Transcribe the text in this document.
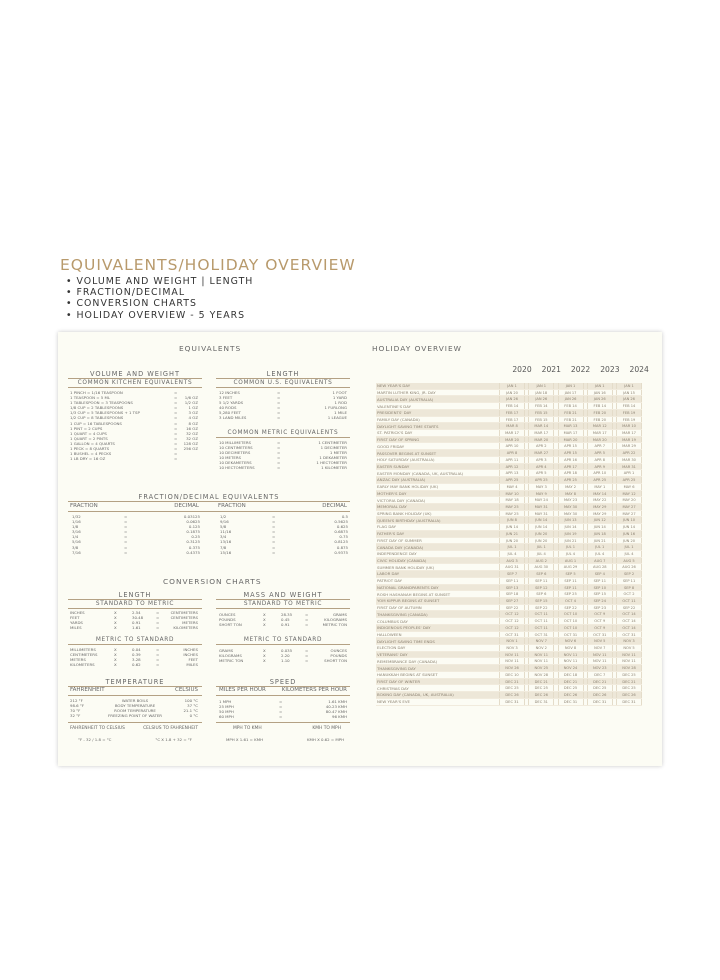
EQUIVALENTS/HOLIDAY OVERVIEW
• VOLUME AND WEIGHT | LENGTH
• FRACTION/DECIMAL
• CONVERSION CHARTS
• HOLIDAY OVERVIEW - 5 YEARS
EQUIVALENTS
VOLUME AND WEIGHT
COMMON KITCHEN EQUIVALENTS
1 PINCH = 1/16 TEASPOON	=
1 TEASPOON = 5 ML	= 1/6 OZ
1 TABLESPOON = 3 TEASPOONS	= 1/2 OZ
1/8 CUP = 2 TABLESPOONS	=	1 OZ
1/3 CUP = 5 TABLESPOONS + 1 TSP	=	3 OZ
1/2 CUP = 8 TABLESPOONS	=	4 OZ
1 CUP = 16 TABLESPOONS	=	8 OZ
1 PINT = 2 CUPS	= 16 OZ
1 QUART = 4 CUPS	= 32 OZ
1 QUART = 2 PINTS	= 32 OZ
1 GALLON = 4 QUARTS	= 128 OZ
1 PECK = 8 QUARTS	= 256 OZ
1 BUSHEL = 4 PECKS	=
1 LB DRY = 16 OZ	=
LENGTH
COMMON U.S. EQUIVALENTS
12 INCHES	=	1 FOOT
3 FEET	=	1 YARD
5 1/2 YARDS	=	1 ROD
40 RODS	=	1 FURLONG
5,280 FEET	=	1 MILE
3 LAND MILES	=	1 LEAGUE
COMMON METRIC EQUIVALENTS
10 MILLIMETERS	=	1 CENTIMETER
10 CENTIMETERS	=	1 DECIMETER
10 DECIMETERS	=	1 METER
10 METERS	=	1 DEKAMETER
10 DEKAMETERS	=	1 HECTOMETER
10 HECTOMETERS	=	1 KILOMETER
FRACTION/DECIMAL EQUIVALENTS
FRACTION	DECIMAL	FRACTION	DECIMAL
1/32	=	0.03125
1/16	=	0.0625
1/8	=	0.125
3/16	=	0.1875
1/4	=	0.25
5/16	=	0.3125
3/8	=	0.375
7/16	=	0.4375
1/2	=	0.5
9/16	=	0.5625
5/8	=	0.625
11/16	=	0.6875
3/4	=	0.75
13/16	=	0.8125
7/8	=	0.875
15/16	=	0.9375
CONVERSION CHARTS
LENGTH
STANDARD TO METRIC
INCHES	X	2.54	=	CENTIMETERS
FEET	X	30.48	=	CENTIMETERS
YARDS	X	0.91	=	METERS
MILES	X	1.61	=	KILOMETERS
METRIC TO STANDARD
MILLIMETERS	X	0.04	=	INCHES
CENTIMETERS	X	0.39	=	INCHES
METERS	X	3.28	=	FEET
KILOMETERS	X	0.62	=	MILES
MASS AND WEIGHT
STANDARD TO METRIC
OUNCES	X	28.35	=	GRAMS
POUNDS	X	0.45	=	KILOGRAMS
SHORT TON	X	0.91	=	METRIC TON
METRIC TO STANDARD
GRAMS	X	0.035	=	OUNCES
KILOGRAMS	X	2.20	=	POUNDS
METRIC TON	X	1.10	=	SHORT TON
TEMPERATURE
FAHRENHEIT	CELSIUS
212 °F	WATER BOILS	100 °C
98.6 °F	BODY TEMPERATURE	37 °C
70 °F	ROOM TEMPERATURE	21.1 °C
32 °F	FREEZING POINT OF WATER	0 °C
FAHRENHEIT TO CELSIUS	CELSIUS TO FAHRENHEIT
°F - 32 / 1.8 = °C	°C X 1.8 + 32 = °F
SPEED
MILES PER HOUR	KILOMETERS PER HOUR
1 MPH	=	1.61 KMH
25 MPH	=	40.23 KMH
50 MPH	=	80.47 KMH
60 MPH	=	96 KMH
MPH TO KMH	KMH TO MPH
MPH X 1.61 = KMH	KMH X 0.62 = MPH
HOLIDAY OVERVIEW
2020	2021	2022	2023	2024
NEW YEAR'S DAY	JAN 1	JAN 1	JAN 1	JAN 1	JAN 1
MARTIN LUTHER KING, JR. DAY	JAN 20	JAN 18	JAN 17	JAN 16	JAN 15
AUSTRALIA DAY (AUSTRALIA)	JAN 26	JAN 26	JAN 26	JAN 26	JAN 26
VALENTINE'S DAY	FEB 14	FEB 14	FEB 14	FEB 14	FEB 14
PRESIDENTS' DAY	FEB 17	FEB 15	FEB 21	FEB 20	FEB 19
FAMILY DAY (CANADA)	FEB 17	FEB 15	FEB 21	FEB 20	FEB 19
DAYLIGHT SAVING TIME STARTS	MAR 8	MAR 14	MAR 13	MAR 12	MAR 10
ST. PATRICK'S DAY	MAR 17	MAR 17	MAR 17	MAR 17	MAR 17
FIRST DAY OF SPRING	MAR 20	MAR 20	MAR 20	MAR 20	MAR 19
GOOD FRIDAY	APR 10	APR 2	APR 15	APR 7	MAR 29
PASSOVER BEGINS AT SUNSET	APR 8	MAR 27	APR 15	APR 5	APR 22
HOLY SATURDAY (AUSTRALIA)	APR 11	APR 3	APR 16	APR 8	MAR 30
EASTER SUNDAY	APR 12	APR 4	APR 17	APR 9	MAR 31
EASTER MONDAY (CANADA, UK, AUSTRALIA)	APR 13	APR 5	APR 18	APR 10	APR 1
ANZAC DAY (AUSTRALIA)	APR 25	APR 25	APR 25	APR 25	APR 25
EARLY MAY BANK HOLIDAY (UK)	MAY 4	MAY 3	MAY 2	MAY 1	MAY 6
MOTHER'S DAY	MAY 10	MAY 9	MAY 8	MAY 14	MAY 12
VICTORIA DAY (CANADA)	MAY 18	MAY 24	MAY 23	MAY 22	MAY 20
MEMORIAL DAY	MAY 25	MAY 31	MAY 30	MAY 29	MAY 27
SPRING BANK HOLIDAY (UK)	MAY 25	MAY 31	MAY 30	MAY 29	MAY 27
QUEEN'S BIRTHDAY (AUSTRALIA)	JUN 8	JUN 14	JUN 13	JUN 12	JUN 10
FLAG DAY	JUN 14	JUN 14	JUN 14	JUN 14	JUN 14
FATHER'S DAY	JUN 21	JUN 20	JUN 19	JUN 18	JUN 16
FIRST DAY OF SUMMER	JUN 20	JUN 20	JUN 21	JUN 21	JUN 20
CANADA DAY (CANADA)	JUL 1	JUL 1	JUL 1	JUL 1	JUL 1
INDEPENDENCE DAY	JUL 4	JUL 4	JUL 4	JUL 4	JUL 4
CIVIC HOLIDAY (CANADA)	AUG 3	AUG 2	AUG 1	AUG 7	AUG 5
SUMMER BANK HOLIDAY (UK)	AUG 31	AUG 30	AUG 29	AUG 28	AUG 26
LABOR DAY	SEP 7	SEP 6	SEP 5	SEP 4	SEP 2
PATRIOT DAY	SEP 11	SEP 11	SEP 11	SEP 11	SEP 11
NATIONAL GRANDPARENTS DAY	SEP 13	SEP 12	SEP 11	SEP 10	SEP 8
ROSH HASHANAH BEGINS AT SUNSET	SEP 18	SEP 6	SEP 25	SEP 15	OCT 2
YOM KIPPUR BEGINS AT SUNSET	SEP 27	SEP 15	OCT 4	SEP 24	OCT 11
FIRST DAY OF AUTUMN	SEP 22	SEP 22	SEP 22	SEP 23	SEP 22
THANKSGIVING (CANADA)	OCT 12	OCT 11	OCT 10	OCT 9	OCT 14
COLUMBUS DAY	OCT 12	OCT 11	OCT 10	OCT 9	OCT 14
INDIGENOUS PEOPLES' DAY	OCT 12	OCT 11	OCT 10	OCT 9	OCT 14
HALLOWEEN	OCT 31	OCT 31	OCT 31	OCT 31	OCT 31
DAYLIGHT SAVING TIME ENDS	NOV 1	NOV 7	NOV 6	NOV 5	NOV 3
ELECTION DAY	NOV 3	NOV 2	NOV 8	NOV 7	NOV 5
VETERANS' DAY	NOV 11	NOV 11	NOV 11	NOV 11	NOV 11
REMEMBRANCE DAY (CANADA)	NOV 11	NOV 11	NOV 11	NOV 11	NOV 11
THANKSGIVING DAY	NOV 26	NOV 25	NOV 24	NOV 23	NOV 28
HANUKKAH BEGINS AT SUNSET	DEC 10	NOV 28	DEC 18	DEC 7	DEC 25
FIRST DAY OF WINTER	DEC 21	DEC 21	DEC 21	DEC 21	DEC 21
CHRISTMAS DAY	DEC 25	DEC 25	DEC 25	DEC 25	DEC 25
BOXING DAY (CANADA, UK, AUSTRALIA)	DEC 26	DEC 26	DEC 26	DEC 26	DEC 26
NEW YEAR'S EVE	DEC 31	DEC 31	DEC 31	DEC 31	DEC 31
